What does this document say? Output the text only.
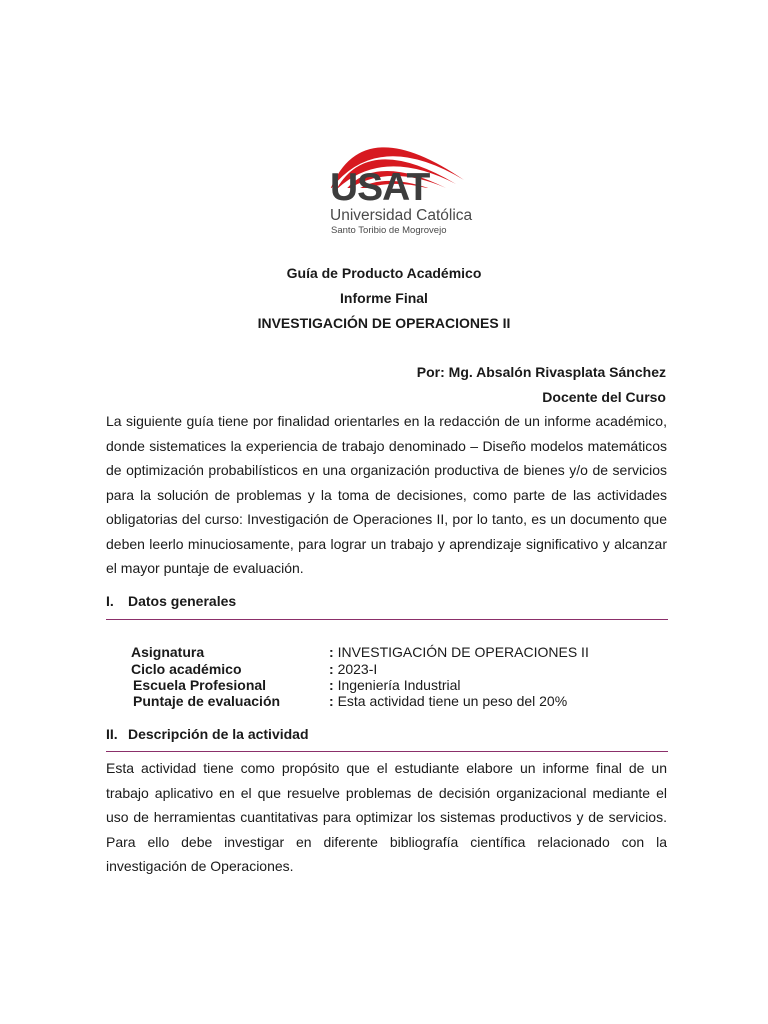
USAT
Universidad Católica
Santo Toribio de Mogrovejo
Guía de Producto Académico
Informe Final
INVESTIGACIÓN DE OPERACIONES II
Por: Mg. Absalón Rivasplata Sánchez
Docente del Curso

La siguiente guía tiene por finalidad orientarles en la redacción de un informe académico, donde sistematices la experiencia de trabajo denominado – Diseño modelos matemáticos de optimización probabilísticos en una organización productiva de bienes y/o de servicios para la solución de problemas y la toma de decisiones, como parte de las actividades obligatorias del curso: Investigación de Operaciones II, por lo tanto, es un documento que deben leerlo minuciosamente, para lograr un trabajo y aprendizaje significativo y alcanzar el mayor puntaje de evaluación.

I. Datos generales
Asignatura	: INVESTIGACIÓN DE OPERACIONES II
Ciclo académico	: 2023-I
Escuela Profesional	: Ingeniería Industrial
Puntaje de evaluación	: Esta actividad tiene un peso del 20%
II. Descripción de la actividad

Esta actividad tiene como propósito que el estudiante elabore un informe final de un trabajo aplicativo en el que resuelve problemas de decisión organizacional mediante el uso de herramientas cuantitativas para optimizar los sistemas productivos y de servicios. Para ello debe investigar en diferente bibliografía científica relacionado con la investigación de Operaciones.
